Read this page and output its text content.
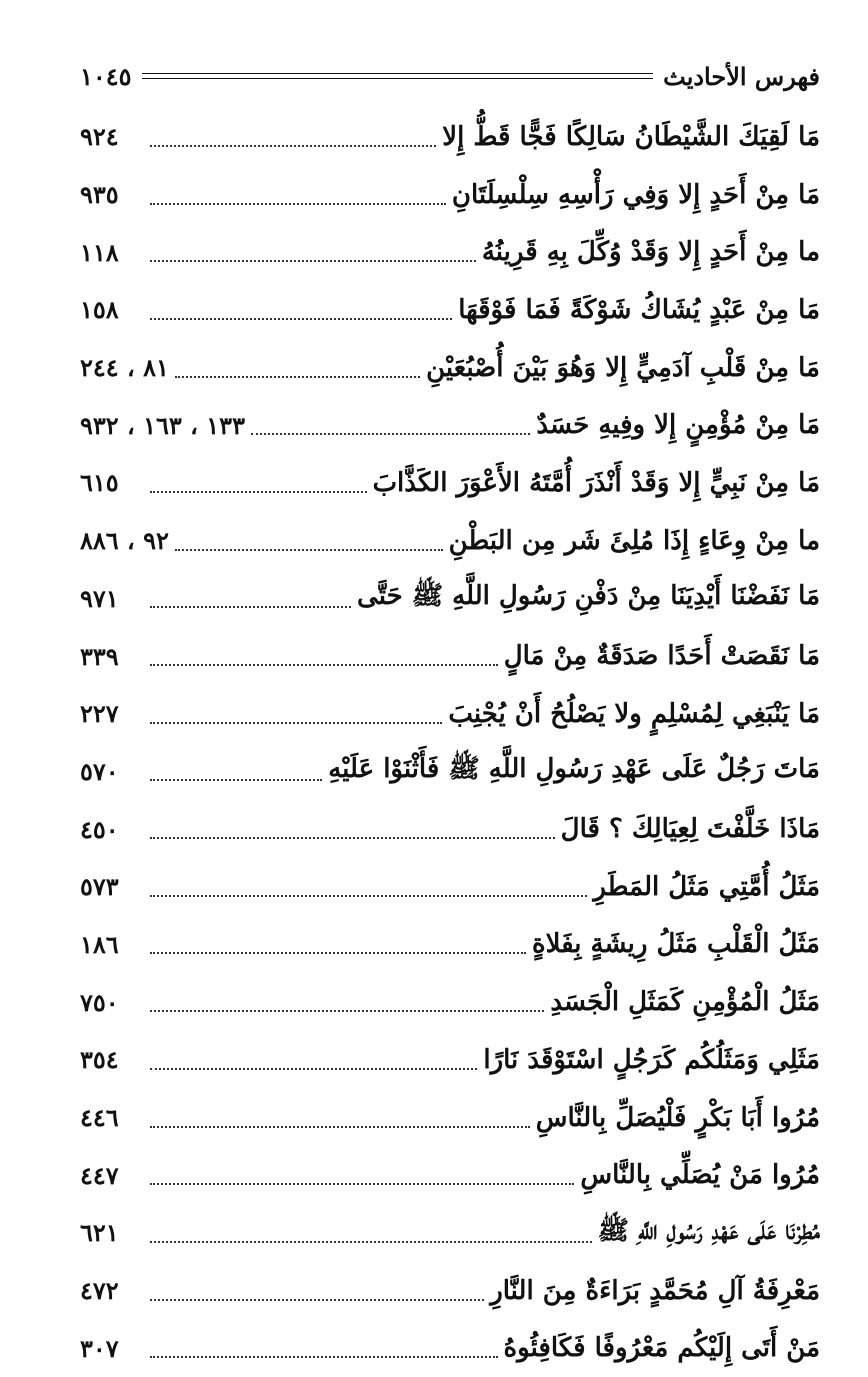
فهرس الأحاديث
١٠٤٥
مَا لَقِيَكَ الشَّيْطَانُ سَالِكًا فَجًّا قَطُّ إِلا
٩٢٤
مَا مِنْ أَحَدٍ إِلا وَفِي رَأْسِهِ سِلْسِلَتَانِ
٩٣٥
ما مِنْ أَحَدٍ إِلا وَقَدْ وُكِّلَ بِهِ قَرِينُهُ
١١٨
مَا مِنْ عَبْدٍ يُشَاكُ شَوْكَةً فَمَا فَوْقَهَا
١٥٨
مَا مِنْ قَلْبِ آدَمِيٍّ إِلا وَهُوَ بَيْنَ أُصْبُعَيْنِ
٨١ ، ٢٤٤
مَا مِنْ مُؤْمِنٍ إِلا وفِيهِ حَسَدٌ
١٣٣ ، ١٦٣ ، ٩٣٢
مَا مِنْ نَبِيٍّ إِلا وَقَدْ أَنْذَرَ أُمَّتَهُ الأَعْوَرَ الكَذَّابَ
٦١٥
ما مِنْ وِعَاءٍ إِذَا مُلِئَ شَر مِن البَطْنِ
٩٢ ، ٨٨٦
مَا نَفَضْنَا أَيْدِيَنَا مِنْ دَفْنِ رَسُولِ اللَّهِ ﷺ حَتَّى
٩٧١
مَا نَقَصَتْ أَحَدًا صَدَقَةٌ مِنْ مَالٍ
٣٣٩
مَا يَنْبَغِي لِمُسْلِمٍ ولا يَصْلُحُ أَنْ يُجْنِبَ
٢٢٧
مَاتَ رَجُلٌ عَلَى عَهْدِ رَسُولِ اللَّهِ ﷺ فَأَثْنَوْا عَلَيْهِ
٥٧٠
مَاذَا خَلَّفْتَ لِعِيَالِكَ ؟ قَالَ
٤٥٠
مَثَلُ أُمَّتِي مَثَلُ المَطَرِ
٥٧٣
مَثَلُ الْقَلْبِ مَثَلُ رِيشَةٍ بِفَلاةٍ
١٨٦
مَثَلُ الْمُؤْمِنِ كَمَثَلِ الْجَسَدِ
٧٥٠
مَثَلِي وَمَثَلُكُم كَرَجُلٍ اسْتَوْقَدَ نَارًا
٣٥٤
مُرُوا أَبَا بَكْرٍ فَلْيُصَلِّ بِالنَّاسِ
٤٤٦
مُرُوا مَنْ يُصَلِّي بِالنَّاسِ
٤٤٧
مُطِرْنَا عَلَى عَهْدِ رَسُولِ اللَّهِ ﷺ
٦٢١
مَعْرِفَةُ آلِ مُحَمَّدٍ بَرَاءَةٌ مِنَ النَّارِ
٤٧٢
مَنْ أَتَى إِلَيْكُم مَعْرُوفًا فَكَافِئُوهُ
٣٠٧
